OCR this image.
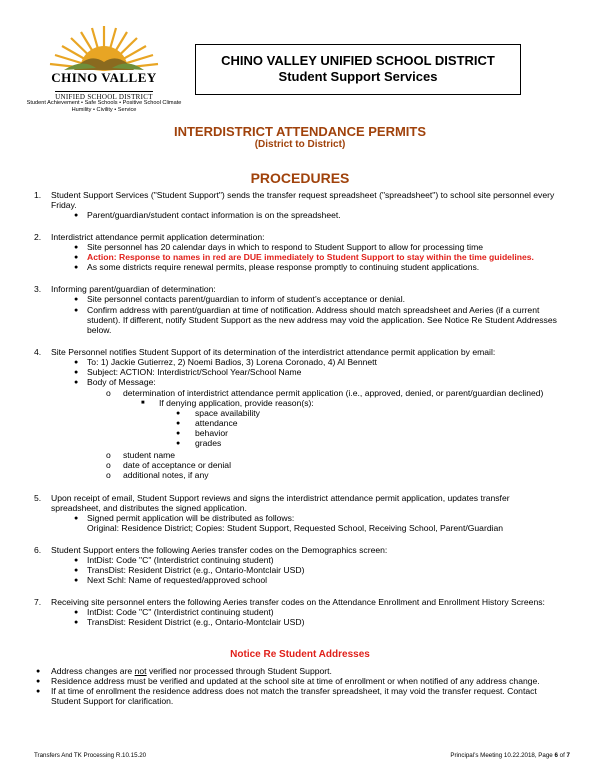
CHINO VALLEY
UNIFIED SCHOOL DISTRICT
Student Achievement • Safe Schools • Positive School Climate
Humility • Civility • Service
CHINO VALLEY UNIFIED SCHOOL DISTRICT
Student Support Services
INTERDISTRICT ATTENDANCE PERMITS
(District to District)
PROCEDURES
1. Student Support Services ("Student Support") sends the transfer request spreadsheet ("spreadsheet") to school site personnel every
Friday.
● Parent/guardian/student contact information is on the spreadsheet.
2. Interdistrict attendance permit application determination:
● Site personnel has 20 calendar days in which to respond to Student Support to allow for processing time
● Action: Response to names in red are DUE immediately to Student Support to stay within the time guidelines.
● As some districts require renewal permits, please response promptly to continuing student applications.
3. Informing parent/guardian of determination:
● Site personnel contacts parent/guardian to inform of student’s acceptance or denial.
● Confirm address with parent/guardian at time of notification. Address should match spreadsheet and Aeries (if a current
student). If different, notify Student Support as the new address may void the application. See Notice Re Student Addresses
below.
4. Site Personnel notifies Student Support of its determination of the interdistrict attendance permit application by email:
● To: 1) Jackie Gutierrez, 2) Noemi Badios, 3) Lorena Coronado, 4) Al Bennett
● Subject: ACTION: Interdistrict/School Year/School Name
● Body of Message:
o determination of interdistrict attendance permit application (i.e., approved, denied, or parent/guardian declined)
■ If denying application, provide reason(s):
● space availability
● attendance
● behavior
● grades
o student name
o date of acceptance or denial
o additional notes, if any
5. Upon receipt of email, Student Support reviews and signs the interdistrict attendance permit application, updates transfer
spreadsheet, and distributes the signed application.
● Signed permit application will be distributed as follows:
Original: Residence District; Copies: Student Support, Requested School, Receiving School, Parent/Guardian
6. Student Support enters the following Aeries transfer codes on the Demographics screen:
● IntDist: Code "C" (Interdistrict continuing student)
● TransDist: Resident District (e.g., Ontario-Montclair USD)
● Next Schl: Name of requested/approved school
7. Receiving site personnel enters the following Aeries transfer codes on the Attendance Enrollment and Enrollment History Screens:
● IntDist: Code "C" (Interdistrict continuing student)
● TransDist: Resident District (e.g., Ontario-Montclair USD)
● Address changes are not verified nor processed through Student Support.
● Residence address must be verified and updated at the school site at time of enrollment or when notified of any address change.
● If at time of enrollment the residence address does not match the transfer spreadsheet, it may void the transfer request. Contact
Student Support for clarification.
Notice Re Student Addresses
Transfers And TK Processing R.10.15.20	Principal’s Meeting 10.22.2018, Page 6 of 7
